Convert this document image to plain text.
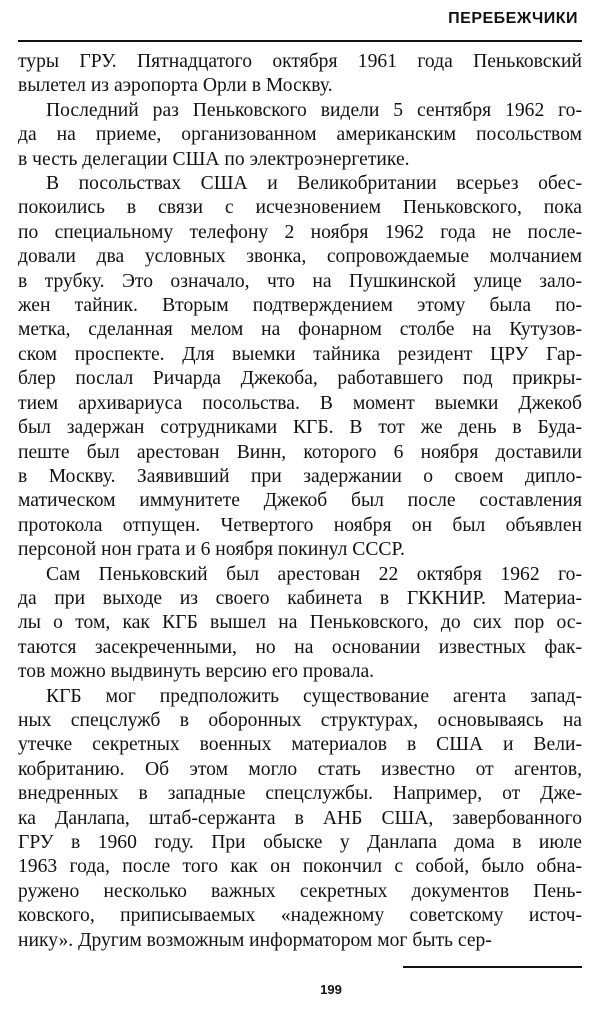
ПЕРЕБЕЖЧИКИ
туры ГРУ. Пятнадцатого октября 1961 года Пеньковский
вылетел из аэропорта Орли в Москву.
Последний раз Пеньковского видели 5 сентября 1962 го-
да на приеме, организованном американским посольством
в честь делегации США по электроэнергетике.
В посольствах США и Великобритании всерьез обес-
покоились в связи с исчезновением Пеньковского, пока
по специальному телефону 2 ноября 1962 года не после-
довали два условных звонка, сопровождаемые молчанием
в трубку. Это означало, что на Пушкинской улице зало-
жен тайник. Вторым подтверждением этому была по-
метка, сделанная мелом на фонарном столбе на Кутузов-
ском проспекте. Для выемки тайника резидент ЦРУ Гар-
блер послал Ричарда Джекоба, работавшего под прикры-
тием архивариуса посольства. В момент выемки Джекоб
был задержан сотрудниками КГБ. В тот же день в Буда-
пеште был арестован Винн, которого 6 ноября доставили
в Москву. Заявивший при задержании о своем дипло-
матическом иммунитете Джекоб был после составления
протокола отпущен. Четвертого ноября он был объявлен
персоной нон грата и 6 ноября покинул СССР.
Сам Пеньковский был арестован 22 октября 1962 го-
да при выходе из своего кабинета в ГККНИР. Материа-
лы о том, как КГБ вышел на Пеньковского, до сих пор ос-
таются засекреченными, но на основании известных фак-
тов можно выдвинуть версию его провала.
КГБ мог предположить существование агента запад-
ных спецслужб в оборонных структурах, основываясь на
утечке секретных военных материалов в США и Вели-
кобританию. Об этом могло стать известно от агентов,
внедренных в западные спецслужбы. Например, от Дже-
ка Данлапа, штаб-сержанта в АНБ США, завербованного
ГРУ в 1960 году. При обыске у Данлапа дома в июле
1963 года, после того как он покончил с собой, было обна-
ружено несколько важных секретных документов Пень-
ковского, приписываемых «надежному советскому источ-
нику». Другим возможным информатором мог быть сер-
199
